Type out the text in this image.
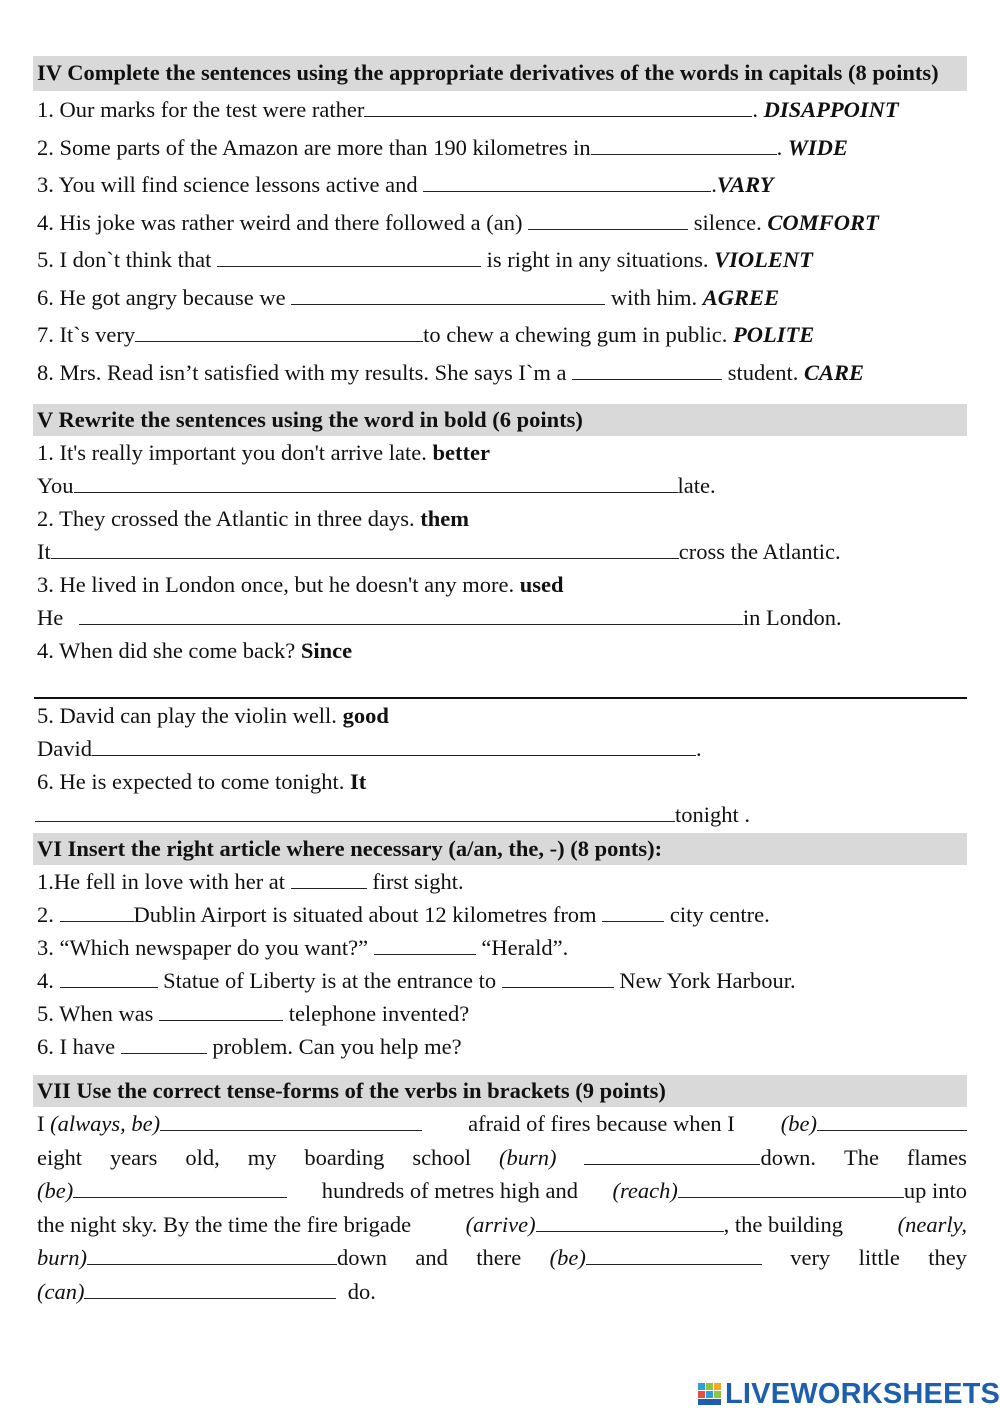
IV Complete the sentences using the appropriate derivatives of the words in capitals (8 points)
1. Our marks for the test were rather	. DISAPPOINT
2. Some parts of the Amazon are more than 190 kilometres in	. WIDE
3. You will find science lessons active and	.VARY
4. His joke was rather weird and there followed a (an)	silence. COMFORT
5. I don`t think that	is right in any situations. VIOLENT
6. He got angry because we	with him. AGREE
7. It`s very	to chew a chewing gum in public. POLITE
8. Mrs. Read isn’t satisfied with my results. She says I`m a	student. CARE
V Rewrite the sentences using the word in bold (6 points)
1. It's really important you don't arrive late. better
You	late.
2. They crossed the Atlantic in three days. them
It	cross the Atlantic.
3. He lived in London once, but he doesn't any more. used
He	in London.
4. When did she come back? Since
5. David can play the violin well. good
David	.
6. He is expected to come tonight. It
tonight .
VI Insert the right article where necessary (a/an, the, -) (8 ponts):
1.He fell in love with her at	first sight.
2.	Dublin Airport is situated about 12 kilometres from	city centre.
3. “Which newspaper do you want?”	“Herald”.
4.	Statue of Liberty is at the entrance to	New York Harbour.
5. When was	telephone invented?
6. I have	problem. Can you help me?
VII Use the correct tense-forms of the verbs in brackets (9 points)
I (always, be)	afraid of fires because when I (be)
eight years old, my boarding school (burn)	down. The flames
(be)	hundreds of metres high and (reach)	up into
the night sky. By the time the fire brigade (arrive)	, the building (nearly,
burn)	down and there (be)	very little they
(can)	do.
LIVEWORKSHEETS
